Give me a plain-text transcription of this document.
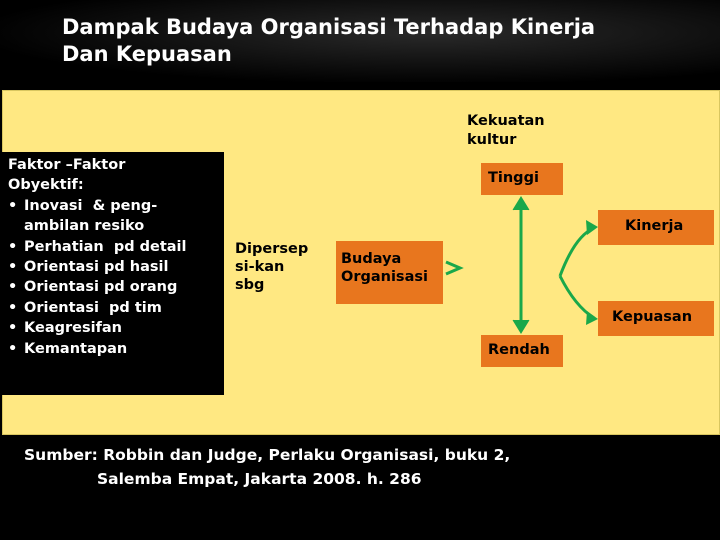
Dampak Budaya Organisasi Terhadap Kinerja
Dan Kepuasan
Faktor –Faktor
Obyektif:
• Inovasi  & peng-
ambilan resiko
• Perhatian  pd detail
• Orientasi pd hasil
• Orientasi pd orang
• Orientasi  pd tim
• Keagresifan
• Kemantapan
Dipersep
si-kan
sbg
Budaya
Organisasi
Kekuatan
kultur
Tinggi
Rendah
Kinerja
Kepuasan
Sumber: Robbin dan Judge, Perlaku Organisasi, buku 2,
Salemba Empat, Jakarta 2008. h. 286
